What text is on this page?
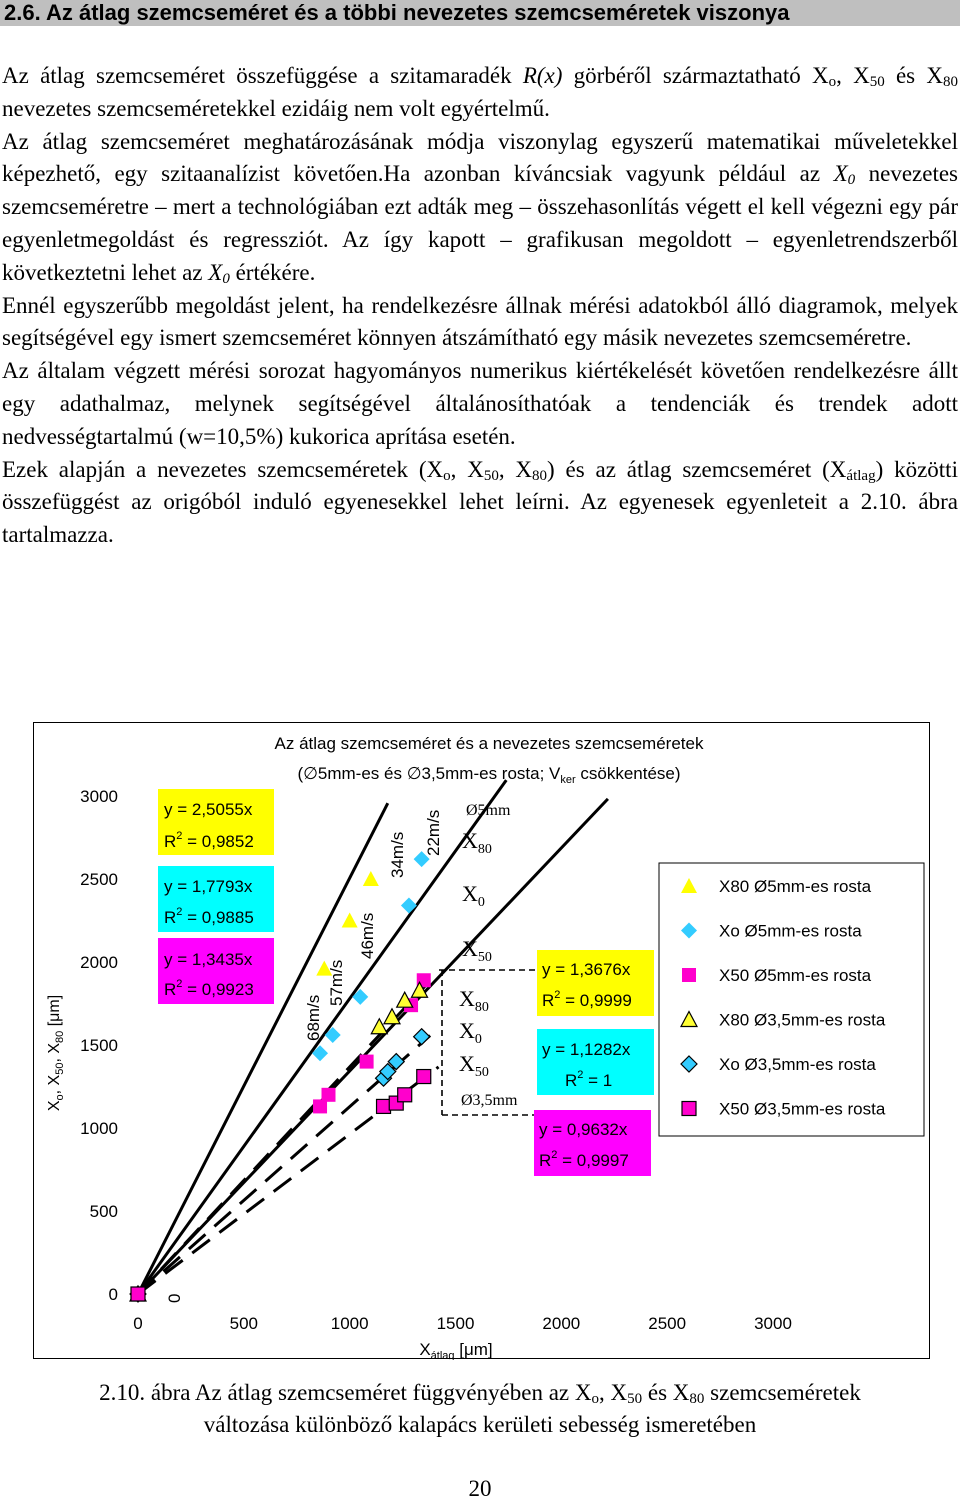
2.6. Az átlag szemcseméret és a többi nevezetes szemcseméretek viszonya

Az átlag szemcseméret összefüggése a szitamaradék R(x) görbéről származtatható $X_o$, $X_{50}$ és $X_{80}$ nevezetes szemcseméretekkel ezidáig nem volt egyértelmű.

Az átlag szemcseméret meghatározásának módja viszonylag egyszerű matematikai műveletekkel képezhető, egy szitaanalízist követően.Ha azonban kíváncsiak vagyunk például az $X_0$ nevezetes szemcseméretre – mert a technológiában ezt adták meg – összehasonlítás végett el kell végezni egy pár egyenletmegoldást és regressziót. Az így kapott – grafikusan megoldott – egyenletrendszerből következtetni lehet az $X_0$ értékére.

Ennél egyszerűbb megoldást jelent, ha rendelkezésre állnak mérési adatokból álló diagramok, melyek segítségével egy ismert szemcseméret könnyen átszámítható egy másik nevezetes szemcseméretre.

Az általam végzett mérési sorozat hagyományos numerikus kiértékelését követően rendelkezésre állt egy adathalmaz, melynek segítségével általánosíthatóak a tendenciák és trendek adott nedvességtartalmú (w=10,5%) kukorica aprítása esetén.

Ezek alapján a nevezetes szemcseméretek ($X_o$, $X_{50}$, $X_{80}$) és az átlag szemcseméret $(X_{átlag})$ közötti összefüggést az origóból induló egyenesekkel lehet leírni. Az egyenesek egyenleteit a 2.10. ábra tartalmazza.

Az átlag szemcseméret és a nevezetes szemcseméretek
(∅5mm-es és ∅3,5mm-es rosta; $V_{ker}$ csökkentése)
$X_o$, $X_{50}$, $X_{80}$ [μm]
$X_{átlag}$ [μm]
0
500
1000
1500
2000
2500
3000
0	500	1000	1500	2000	2500	3000
y = 2,5055x
$R^2 = 0,9852$
y = 1,7793x
$R^2 = 0,9885$
y = 1,3435x
$R^2 = 0,9923$
y = 1,3676x
$R^2 = 0,9999$
y = 1,1282x
$R^2 = 1$
y = 0,9632x
$R^2 = 0,9997$
68m/s
57m/s
46m/s
34m/s 22m/s
0
Ø5mm
$X_{80}$
$X_0$
$X_{50}$
$X_{80}$
$X_0$
$X_{50}$
Ø3,5mm
X80 Ø5mm-es rosta
Xo Ø5mm-es rosta
X50 Ø5mm-es rosta
X80 Ø3,5mm-es rosta
Xo Ø3,5mm-es rosta
X50 Ø3,5mm-es rosta
2.10. ábra Az átlag szemcseméret függvényében az $X_o$, $X_{50}$ és $X_{80}$ szemcseméretek
változása különböző kalapács kerületi sebesség ismeretében
20
